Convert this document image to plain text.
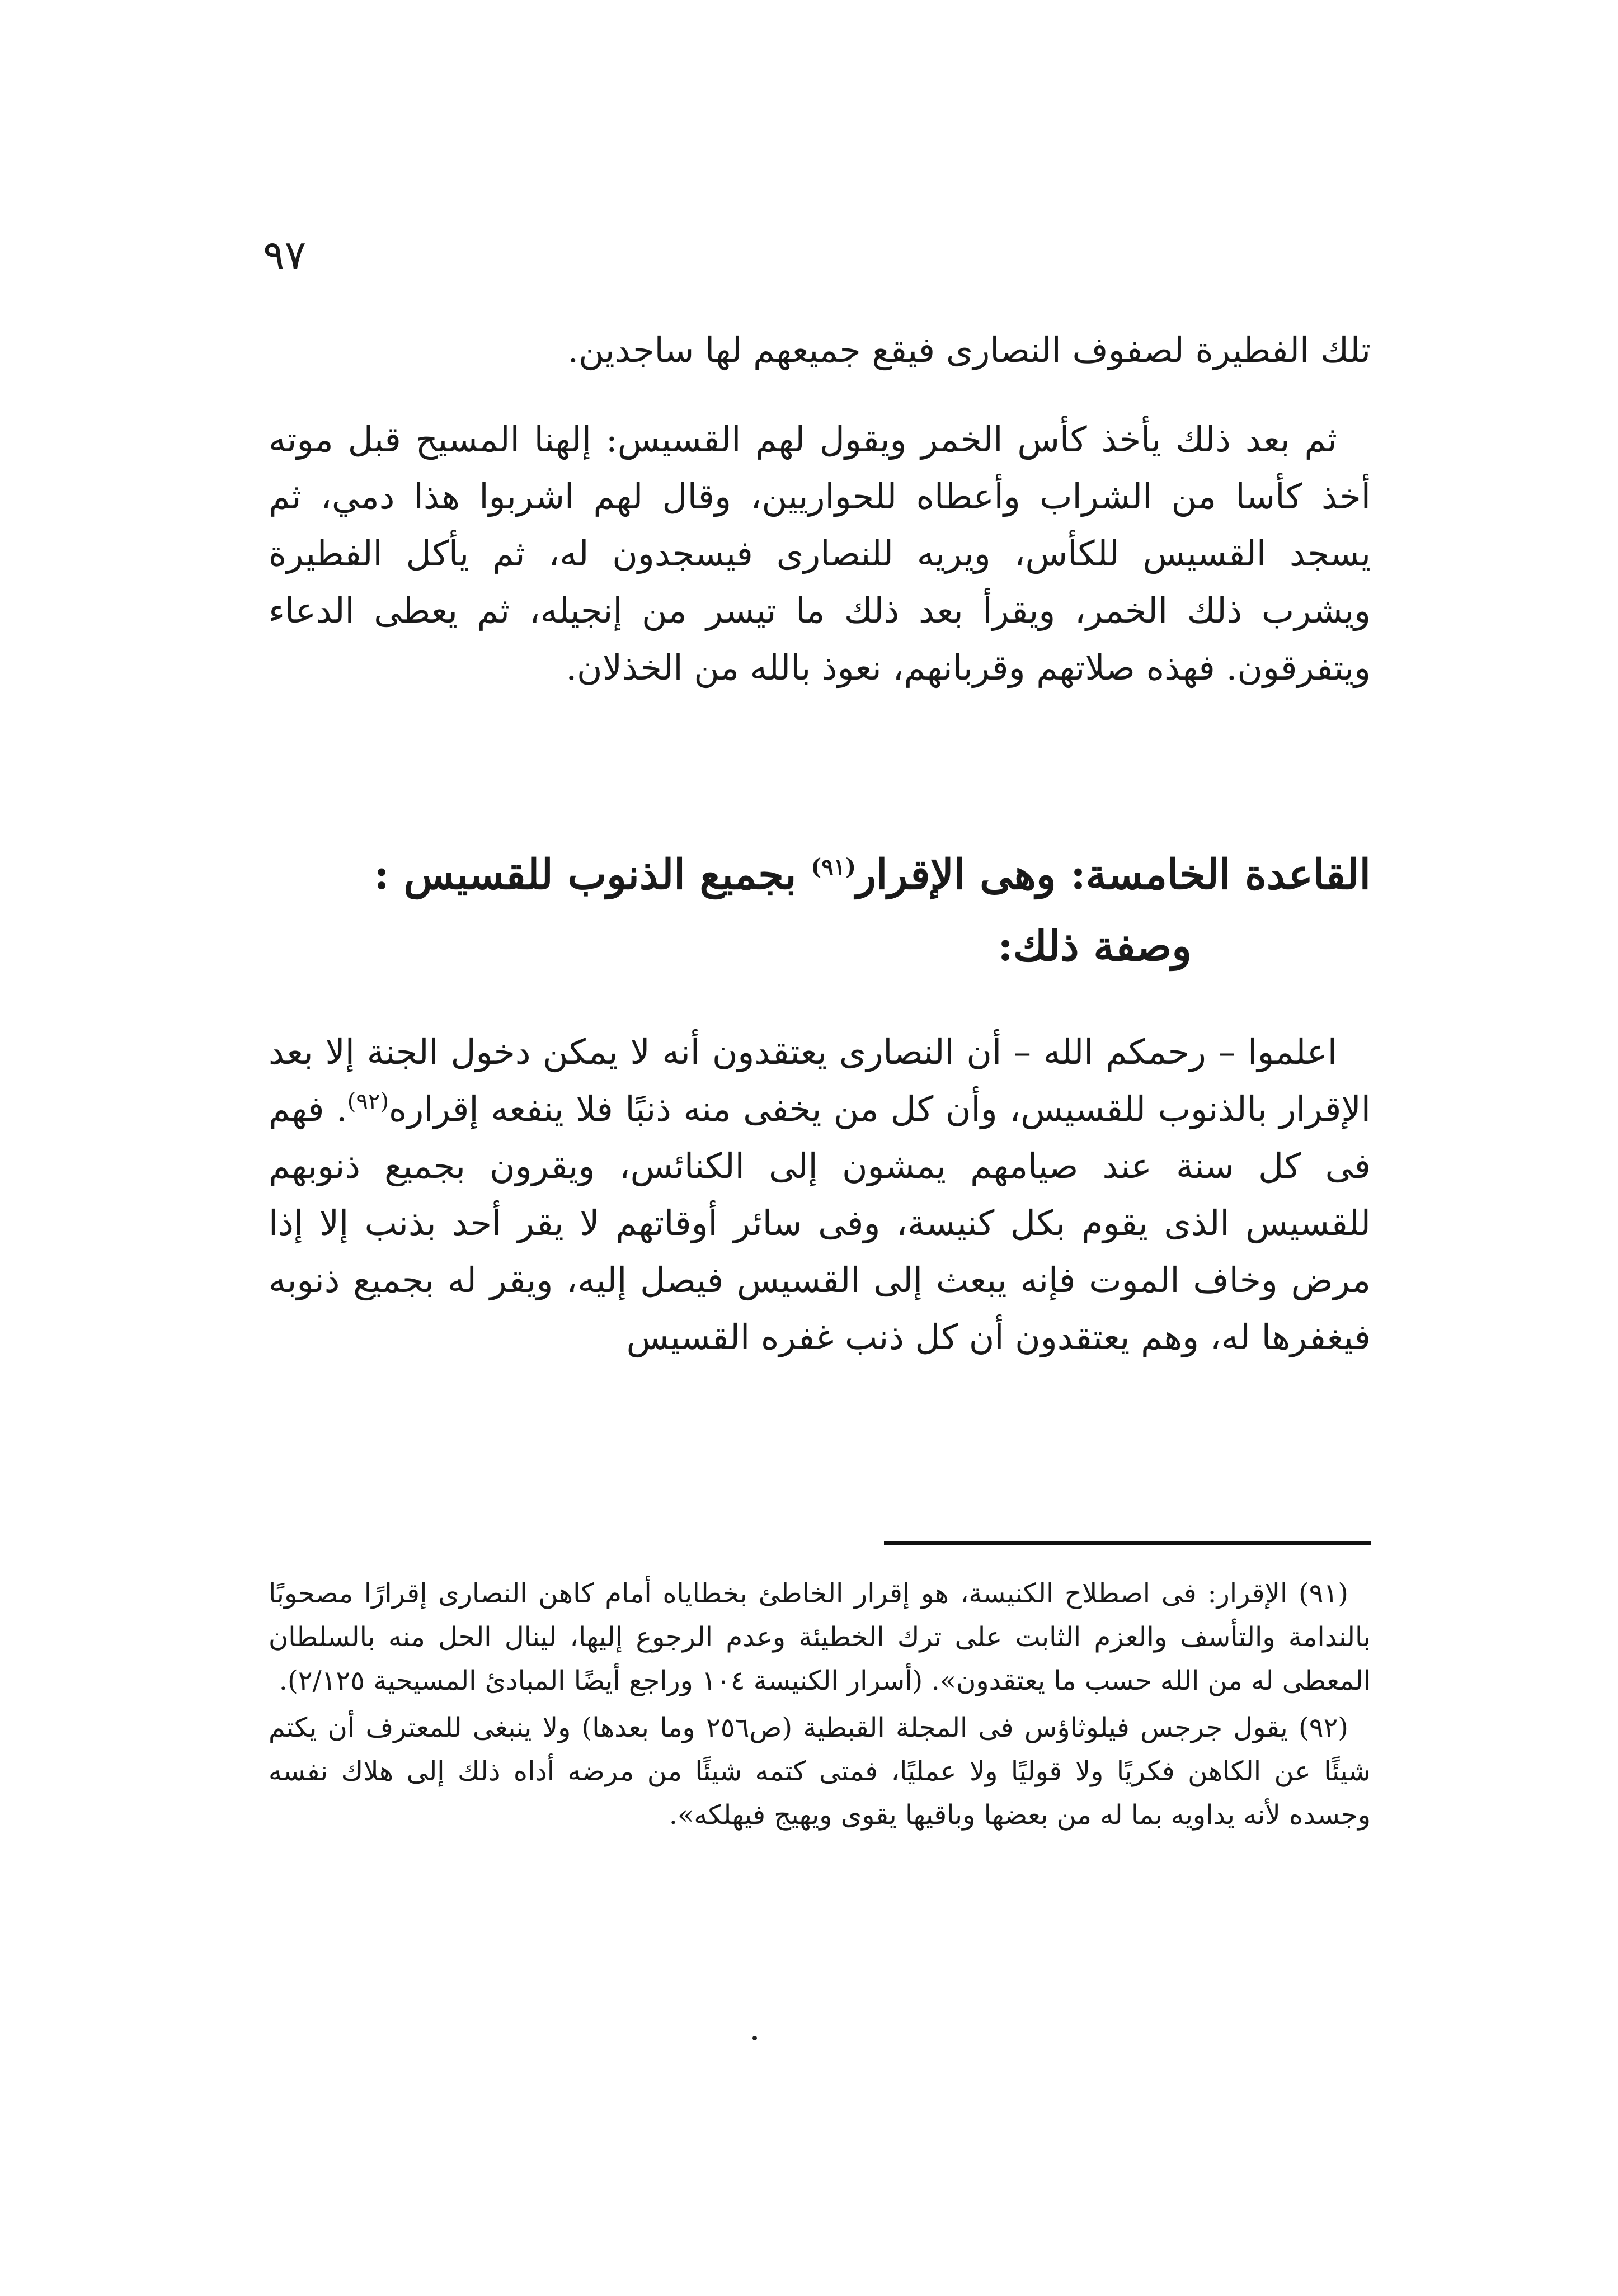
٩٧

تلك الفطيرة لصفوف النصارى فيقع جميعهم لها ساجدين.

ثم بعد ذلك يأخذ كأس الخمر ويقول لهم القسيس: إلهنا المسيح قبل موته أخذ كأسا من الشراب وأعطاه للحواريين، وقال لهم اشربوا هذا دمي، ثم يسجد القسيس للكأس، ويريه للنصارى فيسجدون له، ثم يأكل الفطيرة ويشرب ذلك الخمر، ويقرأ بعد ذلك ما تيسر من إنجيله، ثم يعطى الدعاء ويتفرقون. فهذه صلاتهم وقربانهم، نعوذ بالله من الخذلان.

القاعدة الخامسة: وهى الإقرار$^{(٩١)}$ بجميع الذنوب للقسيس :
وصفة ذلك:

اعلموا – رحمكم الله – أن النصارى يعتقدون أنه لا يمكن دخول الجنة إلا بعد الإقرار بالذنوب للقسيس، وأن كل من يخفى منه ذنبًا فلا ينفعه إقراره$^{(٩٢)}$. فهم فى كل سنة عند صيامهم يمشون إلى الكنائس، ويقرون بجميع ذنوبهم للقسيس الذى يقوم بكل كنيسة، وفى سائر أوقاتهم لا يقر أحد بذنب إلا إذا مرض وخاف الموت فإنه يبعث إلى القسيس فيصل إليه، ويقر له بجميع ذنوبه فيغفرها له، وهم يعتقدون أن كل ذنب غفره القسيس

(٩١) الإقرار: فى اصطلاح الكنيسة، هو إقرار الخاطئ بخطاياه أمام كاهن النصارى إقرارًا مصحوبًا بالندامة والتأسف والعزم الثابت على ترك الخطيئة وعدم الرجوع إليها، لينال الحل منه بالسلطان المعطى له من الله حسب ما يعتقدون». (أسرار الكنيسة ١٠٤ وراجع أيضًا المبادئ المسيحية ٢/١٢٥).

(٩٢) يقول جرجس فيلوثاؤس فى المجلة القبطية (ص٢٥٦ وما بعدها) ولا ينبغى للمعترف أن يكتم شيئًا عن الكاهن فكريًا ولا قوليًا ولا عمليًا، فمتى كتمه شيئًا من مرضه أداه ذلك إلى هلاك نفسه وجسده لأنه يداويه بما له من بعضها وباقيها يقوى ويهيج فيهلكه».
